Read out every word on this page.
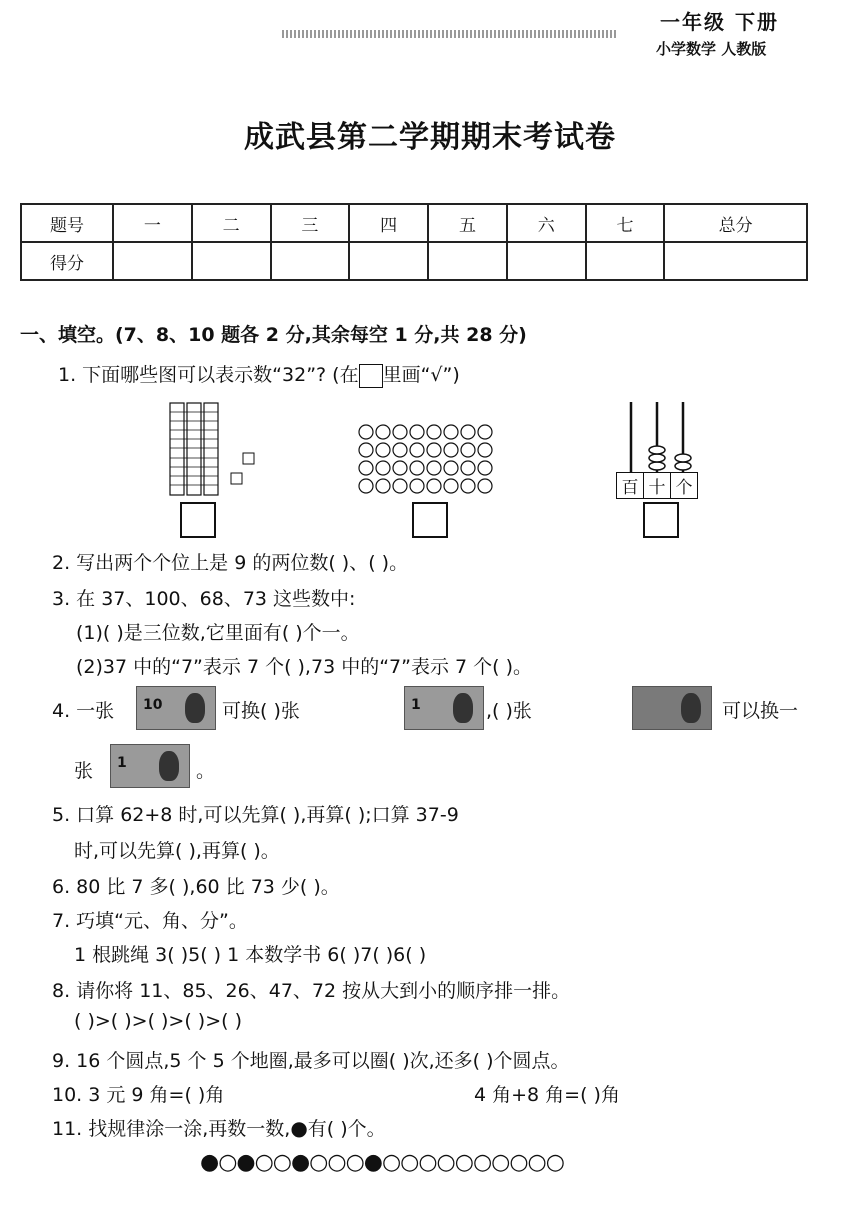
一年级 下册
小学数学 人教版
成武县第二学期期末考试卷
题号	一	二	三	四	五	六	七	总分
得分								
一、填空。(7、8、10 题各 2 分,其余每空 1 分,共 28 分)
1. 下面哪些图可以表示数“32”? (在 里画“√”)
百 十 个
2. 写出两个个位上是 9 的两位数( )、( )。
3. 在 37、100、68、73 这些数中:
(1)( )是三位数,它里面有( )个一。
(2)37 中的“7”表示 7 个( ),73 中的“7”表示 7 个( )。
4. 一张 10	可换( )张	1	,( )张	可以换一
张 1	。
5. 口算 62+8 时,可以先算( ),再算( );口算 37-9
时,可以先算( ),再算( )。
6. 80 比 7 多( ),60 比 73 少( )。
7. 巧填“元、角、分”。
1 根跳绳 3( )5( ) 1 本数学书 6( )7( )6( )
8. 请你将 11、85、26、47、72 按从大到小的顺序排一排。
( )>( )>( )>( )>( )
9. 16 个圆点,5 个 5 个地圈,最多可以圈( )次,还多( )个圆点。
10. 3 元 9 角=( )角	4 角+8 角=( )角
11. 找规律涂一涂,再数一数,●有( )个。
●○●○○●○○○●○○○○○○○○○○
